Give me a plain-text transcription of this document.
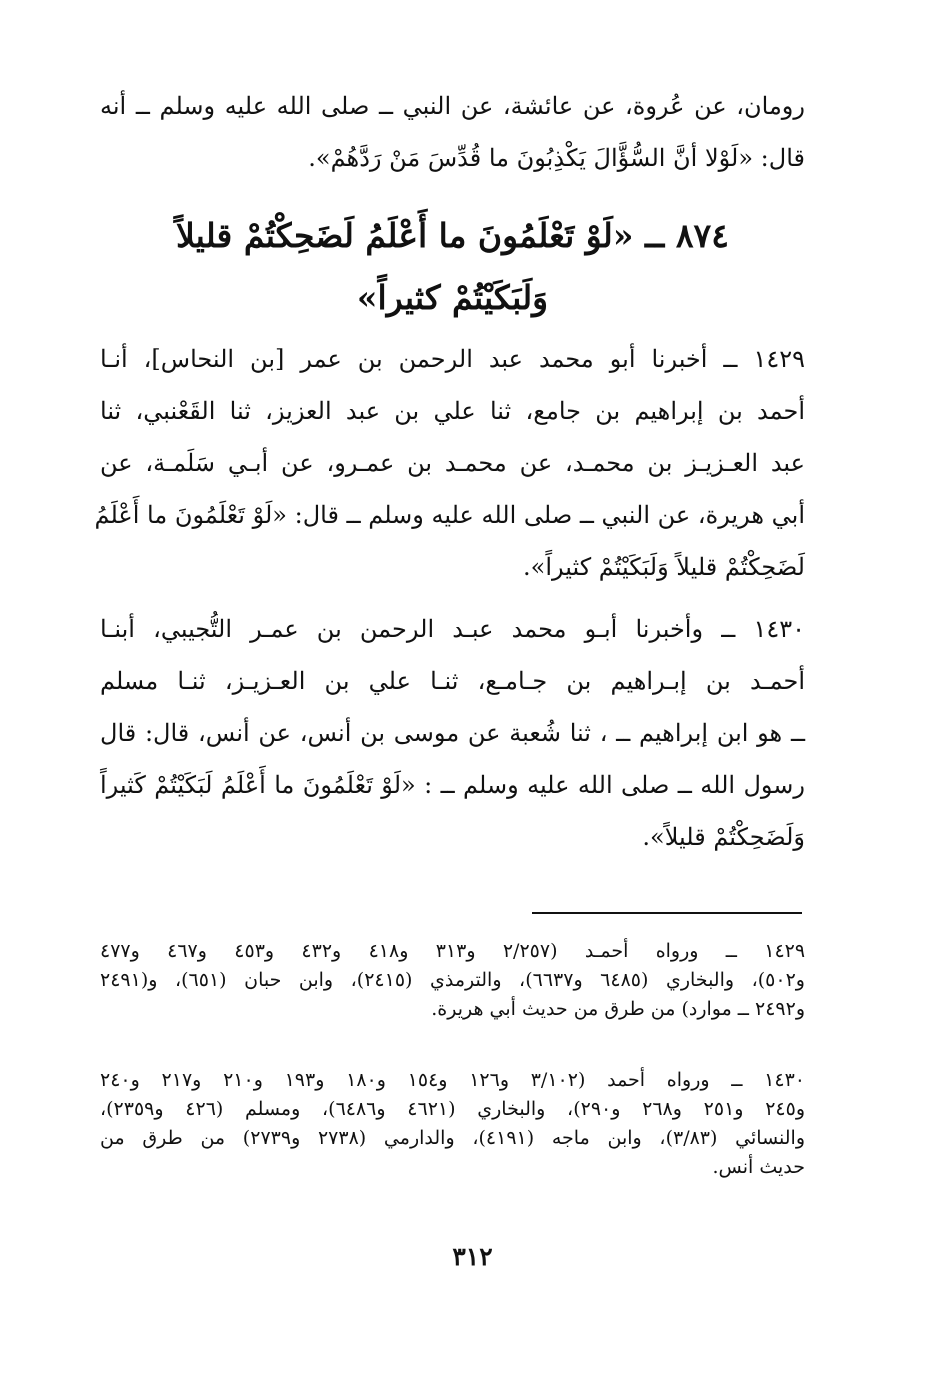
رومان، عن عُروة، عن عائشة، عن النبي ــ صلى الله عليه وسلم ــ أنه
قال: «لَوْلا أنَّ السُّؤَّالَ يَكْذِبُونَ ما قُدِّسَ مَنْ رَدَّهُمْ».
٨٧٤ ــ «لَوْ تَعْلَمُونَ ما أَعْلَمُ لَضَحِكْتُمْ قليلاً
وَلَبَكَيْتُمْ كثيراً»
١٤٢٩ ــ أخبرنا أبو محمد عبد الرحمن بن عمر [بن النحاس]، أنـا
أحمد بن إبراهيم بن جامع، ثنا علي بن عبد العزيز، ثنا القَعْنبي، ثنا
عبد العـزيـز بن محمـد، عن محمـد بن عمـرو، عن أبـي سَلَمـة، عن
أبي هريرة، عن النبي ــ صلى الله عليه وسلم ــ قال: «لَوْ تَعْلَمُونَ ما أَعْلَمُ
لَضَحِكْتُمْ قليلاً وَلَبَكَيْتُمْ كثيراً».
١٤٣٠ ــ وأخبرنا أبـو محمد عبـد الرحمن بن عمـر التُّجيبي، أبنـا
أحمـد بن إبـراهيم بن جـامـع، ثنـا علي بن العـزيـز، ثنـا مسلم
ــ هو ابن إبراهيم ــ ، ثنا شُعبة عن موسى بن أنس، عن أنس، قال: قال
رسول الله ــ صلى الله عليه وسلم ــ : «لَوْ تَعْلَمُونَ ما أَعْلَمُ لَبَكَيْتُمْ كَثيراً
وَلَضَحِكْتُمْ قليلاً».
١٤٢٩ ــ ورواه أحمـد (٢/٢٥٧ و٣١٣ و٤١٨ و٤٣٢ و٤٥٣ و٤٦٧ و٤٧٧
و٥٠٢)، والبخاري (٦٤٨٥ و٦٦٣٧)، والترمذي (٢٤١٥)، وابن حبان (٦٥١)، و(٢٤٩١
و٢٤٩٢ ــ موارد) من طرق من حديث أبي هريرة.
١٤٣٠ ــ ورواه أحمد (٣/١٠٢ و١٢٦ و١٥٤ و١٨٠ و١٩٣ و٢١٠ و٢١٧ و٢٤٠
و٢٤٥ و٢٥١ و٢٦٨ و٢٩٠)، والبخاري (٤٦٢١ و٦٤٨٦)، ومسلم (٤٢٦ و٢٣٥٩)،
والنسائي (٣/٨٣)، وابن ماجه (٤١٩١)، والدارمي (٢٧٣٨ و٢٧٣٩) من طرق من
حديث أنس.
٣١٢
